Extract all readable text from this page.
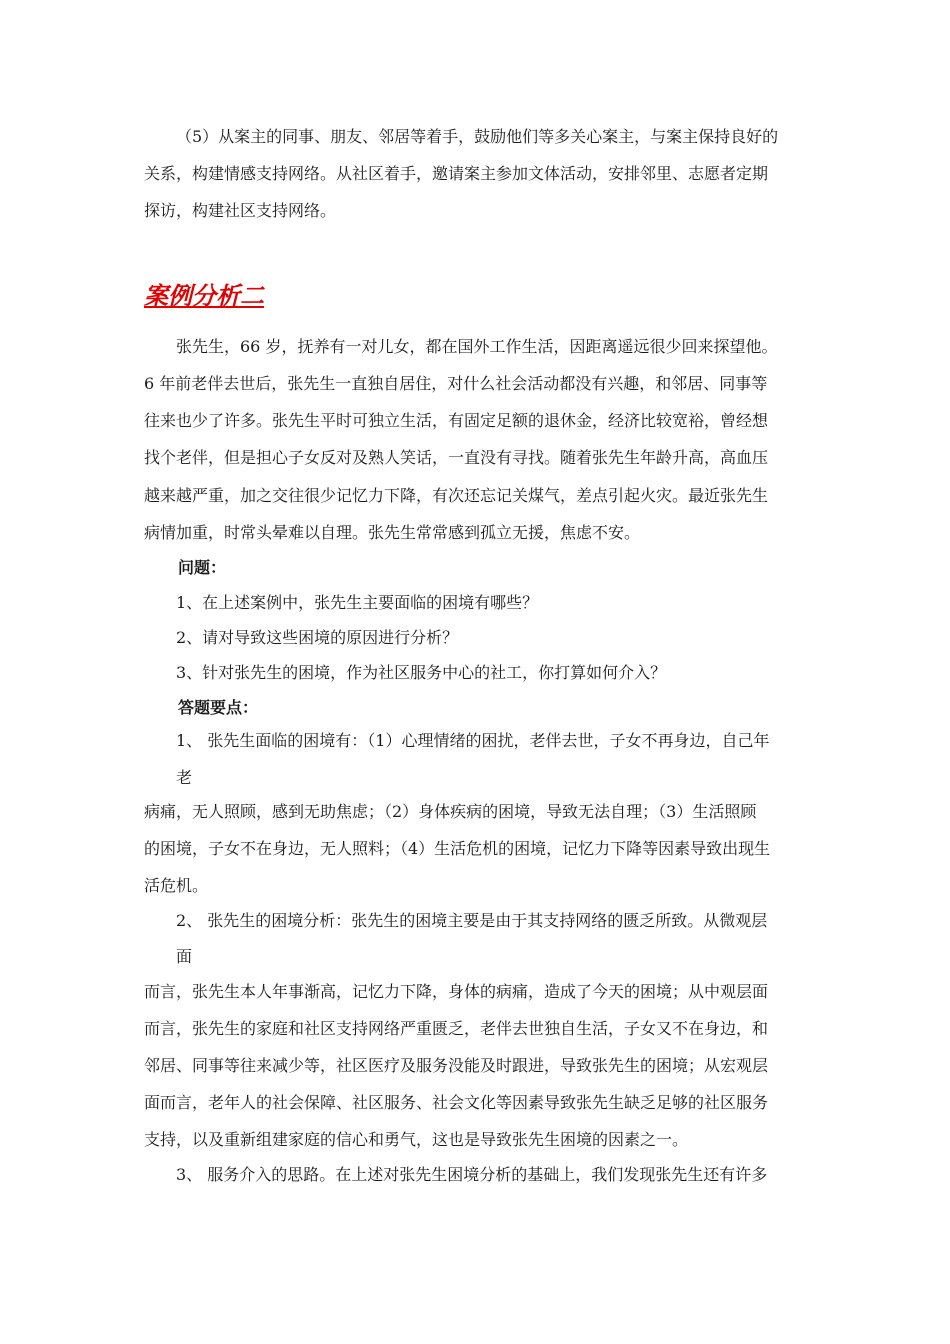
（5）从案主的同事、朋友、邻居等着手，鼓励他们等多关心案主，与案主保持良好的
关系，构建情感支持网络。从社区着手，邀请案主参加文体活动，安排邻里、志愿者定期
探访，构建社区支持网络。
案例分析二
张先生，66 岁，抚养有一对儿女，都在国外工作生活，因距离遥远很少回来探望他。
6 年前老伴去世后，张先生一直独自居住，对什么社会活动都没有兴趣，和邻居、同事等
往来也少了许多。张先生平时可独立生活，有固定足额的退休金，经济比较宽裕，曾经想
找个老伴，但是担心子女反对及熟人笑话，一直没有寻找。随着张先生年龄升高，高血压
越来越严重，加之交往很少记忆力下降，有次还忘记关煤气，差点引起火灾。最近张先生
病情加重，时常头晕难以自理。张先生常常感到孤立无援，焦虑不安。
问题：
1、在上述案例中，张先生主要面临的困境有哪些？
2、请对导致这些困境的原因进行分析？
3、针对张先生的困境，作为社区服务中心的社工，你打算如何介入？
答题要点：
1、 张先生面临的困境有：（1）心理情绪的困扰，老伴去世，子女不再身边，自己年
老
病痛，无人照顾，感到无助焦虑；（2）身体疾病的困境，导致无法自理；（3）生活照顾
的困境，子女不在身边，无人照料；（4）生活危机的困境，记忆力下降等因素导致出现生
活危机。
2、 张先生的困境分析：张先生的困境主要是由于其支持网络的匮乏所致。从微观层
面
而言，张先生本人年事渐高，记忆力下降，身体的病痛，造成了今天的困境；从中观层面
而言，张先生的家庭和社区支持网络严重匮乏，老伴去世独自生活，子女又不在身边，和
邻居、同事等往来减少等，社区医疗及服务没能及时跟进，导致张先生的困境；从宏观层
面而言，老年人的社会保障、社区服务、社会文化等因素导致张先生缺乏足够的社区服务
支持，以及重新组建家庭的信心和勇气，这也是导致张先生困境的因素之一。
3、 服务介入的思路。在上述对张先生困境分析的基础上，我们发现张先生还有许多
